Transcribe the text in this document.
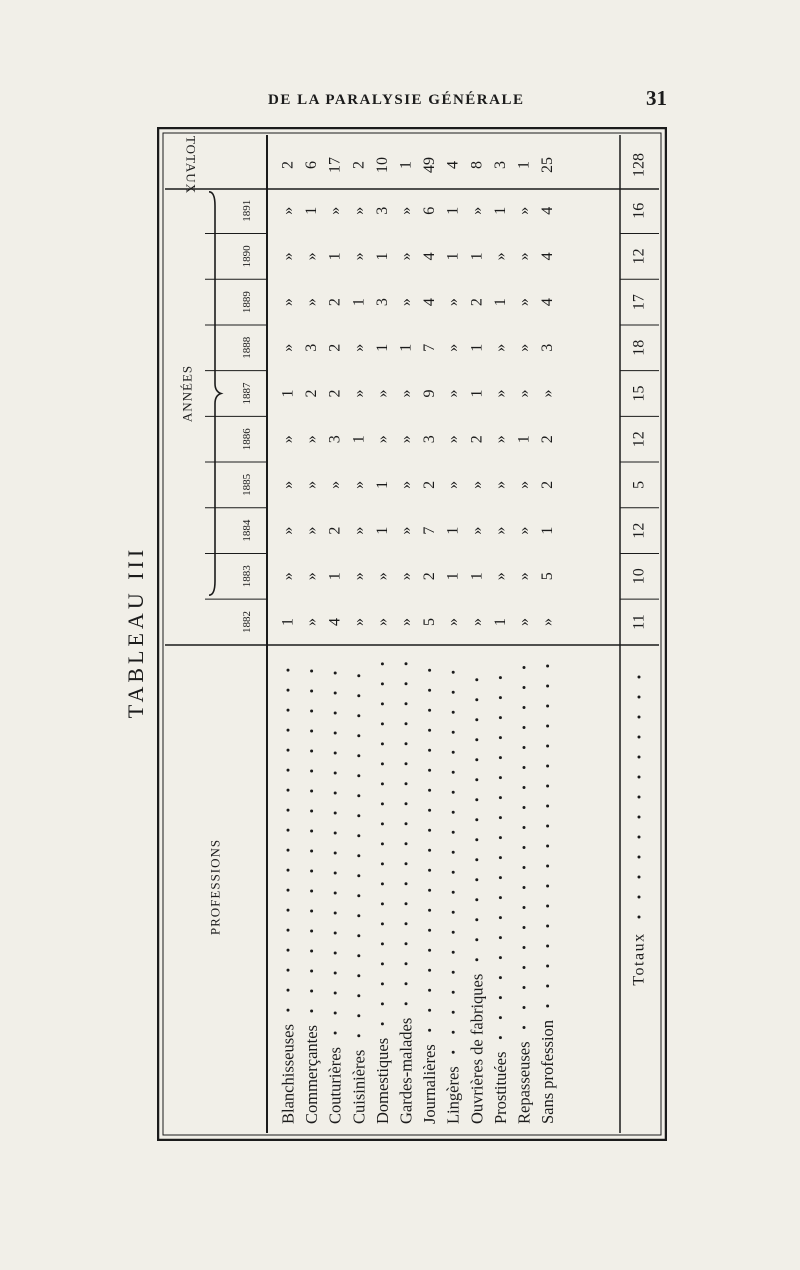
DE LA PARALYSIE GÉNÉRALE	31
TABLEAU III
PROFESSIONS
ANNÉES
TOTAUX
1882
1883
1884
1885
1886
1887
1888
1889
1890
1891
Blanchisseuses
1
»
»
»
»
1
»
»
»
»
2
Commerçantes
»
»
»
»
»
2
3
»
»
1
6
Couturières
4
1
2
»
3
2
2
2
1
»
17
Cuisinières
»
»
»
»
1
»
»
1
»
»
2
Domestiques
»
»
1
1
»
»
1
3
1
3
10
Gardes-malades
»
»
»
»
»
»
1
»
»
»
1
Journalières
5
2
7
2
3
9
7
4
4
6
49
Lingères
»
1
1
»
»
»
»
»
1
1
4
Ouvrières de fabriques
»
1
»
»
2
1
1
2
1
»
8
Prostituées
1
»
»
»
»
»
»
1
»
1
3
Repasseuses
»
»
»
»
1
»
»
»
»
»
1
Sans profession
»
5
1
2
2
»
3
4
4
4
25
Totaux
11
10
12
5
12
15
18
17
12
16
128
